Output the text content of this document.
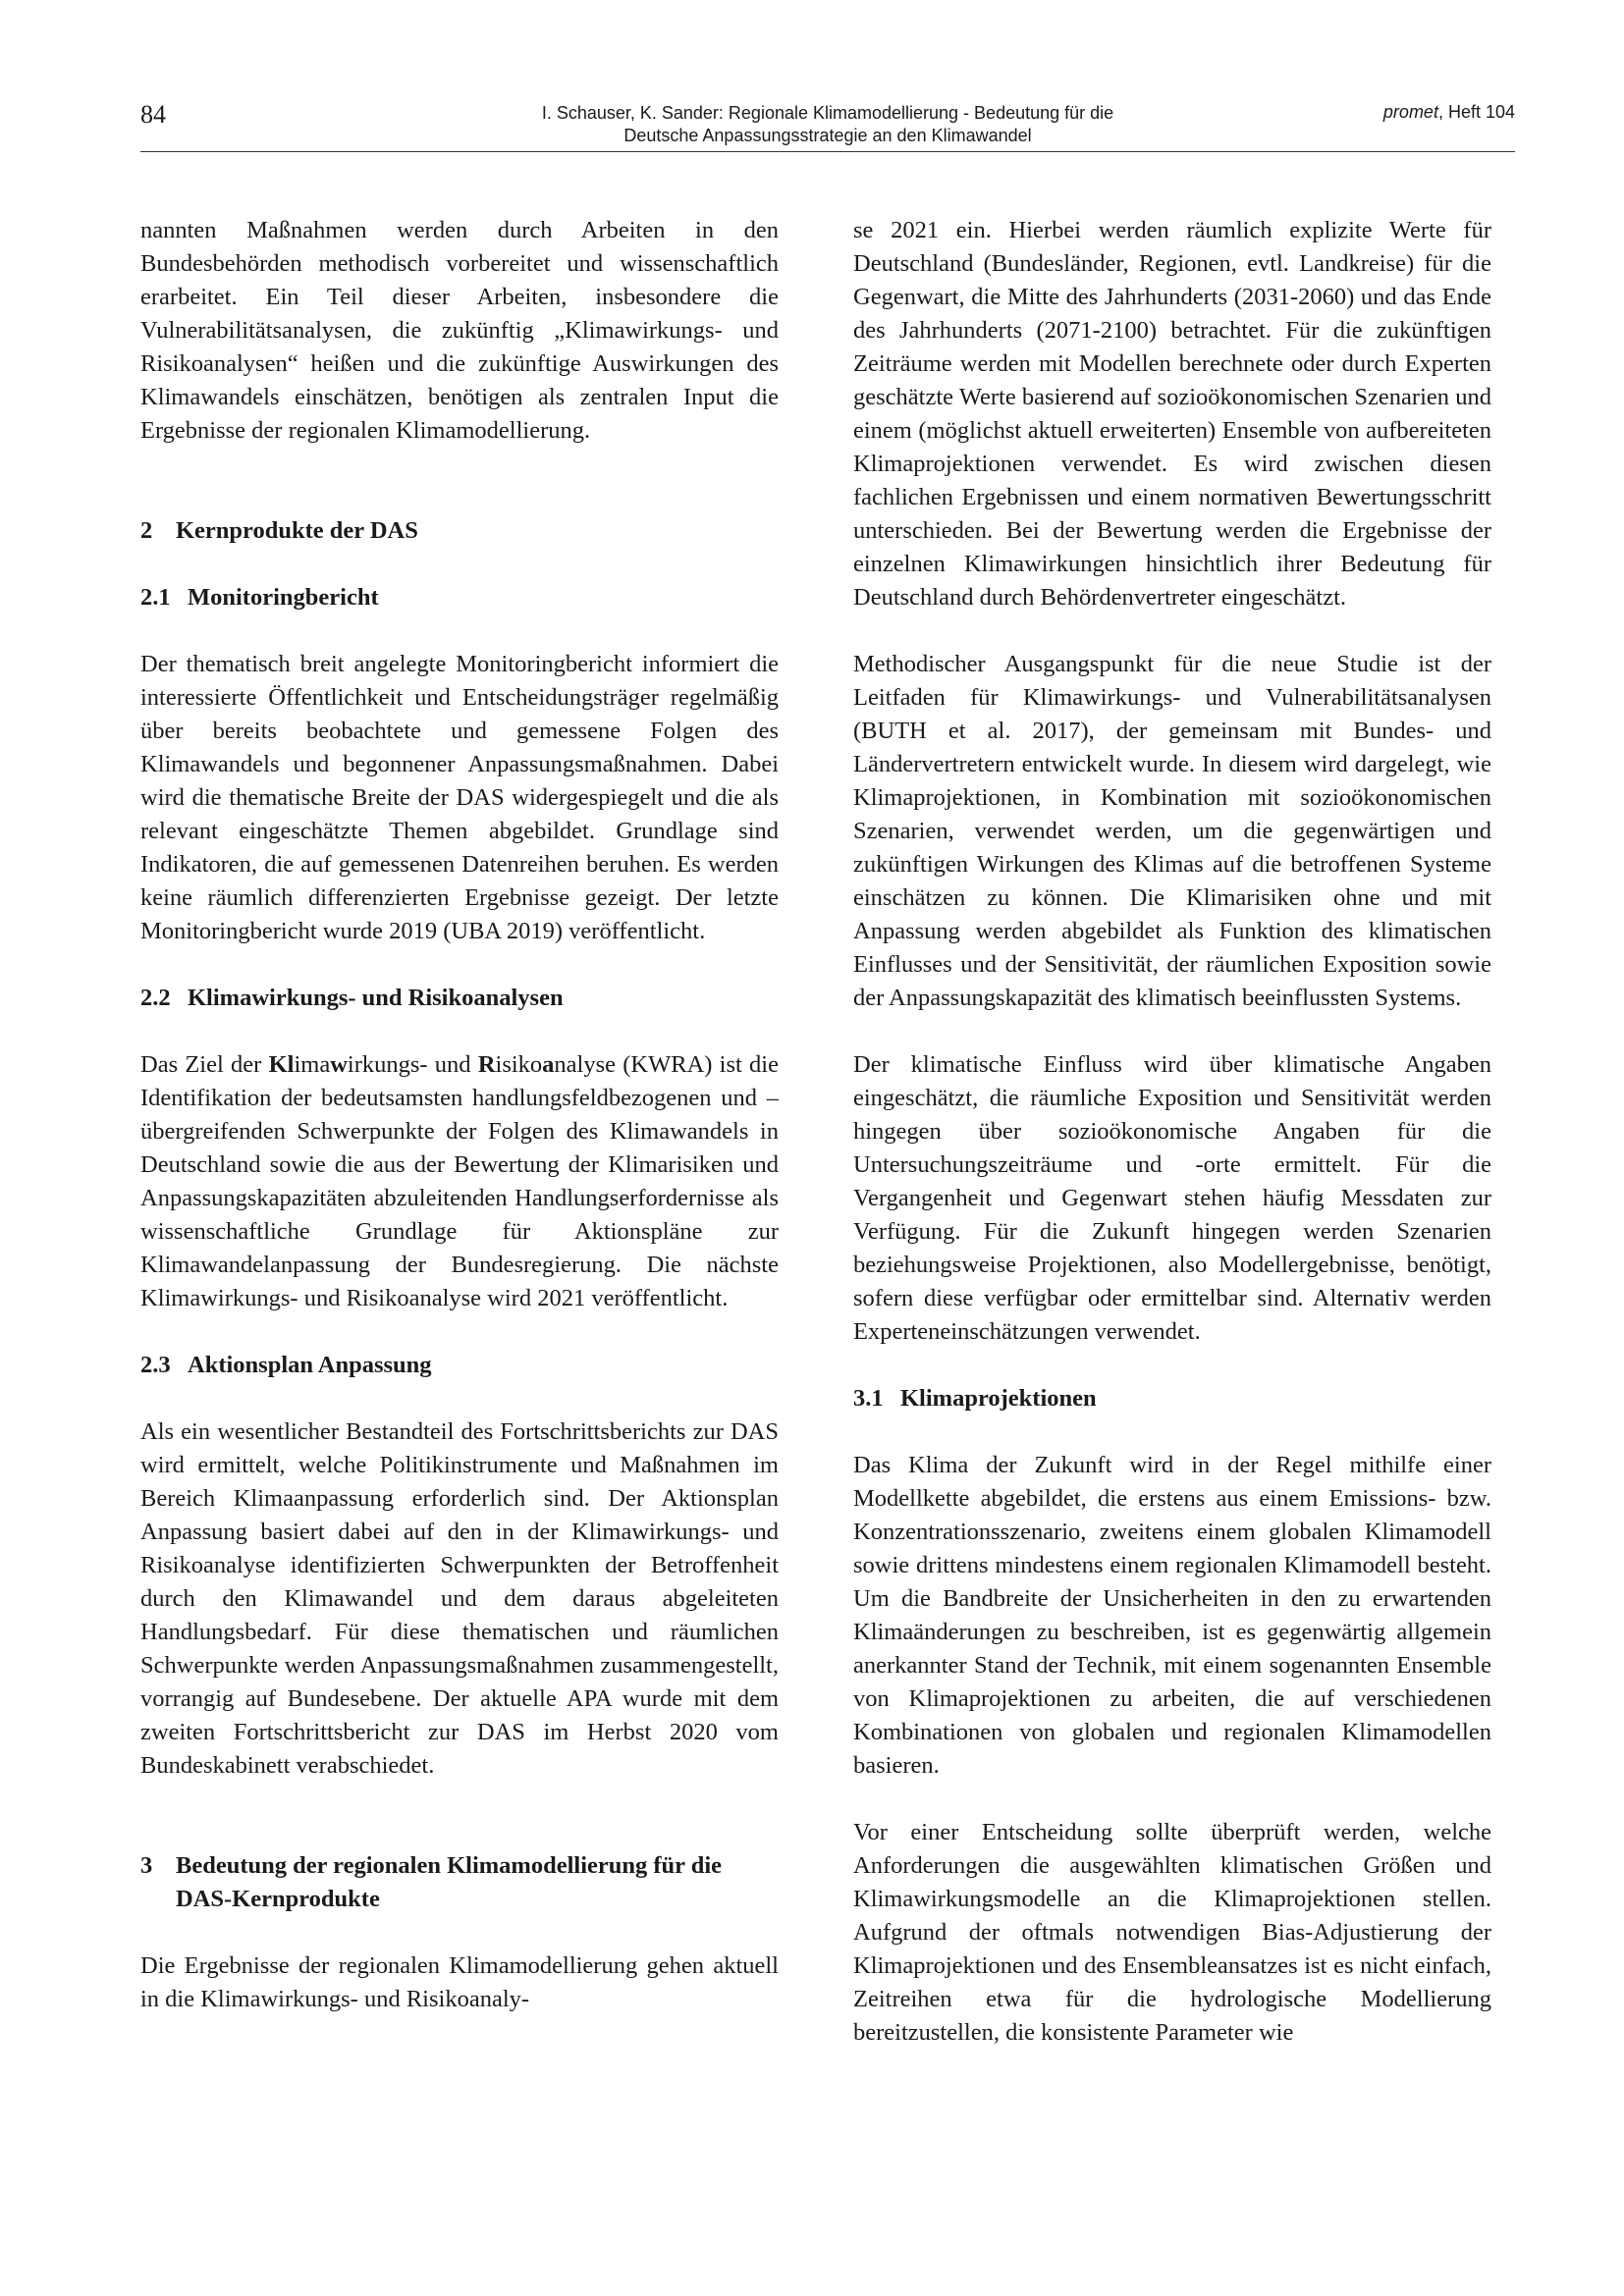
84	I. Schauser, K. Sander: Regionale Klimamodellierung - Bedeutung für die
Deutsche Anpassungsstrategie an den Klimawandel
promet, Heft 104

nannten Maßnahmen werden durch Arbeiten in den Bundesbehörden methodisch vorbereitet und wissenschaftlich erarbeitet. Ein Teil dieser Arbeiten, insbesondere die Vulnerabilitätsanalysen, die zukünftig „Klimawirkungs- und Risikoanalysen“ heißen und die zukünftige Auswirkungen des Klimawandels einschätzen, benötigen als zentralen Input die Ergebnisse der regionalen Klimamodellierung.

2 Kernprodukte der DAS
2.1 Monitoringbericht

Der thematisch breit angelegte Monitoringbericht informiert die interessierte Öffentlichkeit und Entscheidungsträger regelmäßig über bereits beobachtete und gemessene Folgen des Klimawandels und begonnener Anpassungsmaßnahmen. Dabei wird die thematische Breite der DAS widergespiegelt und die als relevant eingeschätzte Themen abgebildet. Grundlage sind Indikatoren, die auf gemessenen Datenreihen beruhen. Es werden keine räumlich differenzierten Ergebnisse gezeigt. Der letzte Monitoringbericht wurde 2019 (UBA 2019) veröffentlicht.

2.2 Klimawirkungs- und Risikoanalysen

Das Ziel der Klimawirkungs- und Risikoanalyse (KWRA) ist die Identifikation der bedeutsamsten handlungsfeldbezogenen und –übergreifenden Schwerpunkte der Folgen des Klimawandels in Deutschland sowie die aus der Bewertung der Klimarisiken und Anpassungskapazitäten abzuleitenden Handlungserfordernisse als wissenschaftliche Grundlage für Aktionspläne zur Klimawandelanpassung der Bundesregierung. Die nächste Klimawirkungs- und Risikoanalyse wird 2021 veröffentlicht.

2.3 Aktionsplan Anpassung

Als ein wesentlicher Bestandteil des Fortschrittsberichts zur DAS wird ermittelt, welche Politikinstrumente und Maßnahmen im Bereich Klimaanpassung erforderlich sind. Der Aktionsplan Anpassung basiert dabei auf den in der Klimawirkungs- und Risikoanalyse identifizierten Schwerpunkten der Betroffenheit durch den Klimawandel und dem daraus abgeleiteten Handlungsbedarf. Für diese thematischen und räumlichen Schwerpunkte werden Anpassungsmaßnahmen zusammengestellt, vorrangig auf Bundesebene. Der aktuelle APA wurde mit dem zweiten Fortschrittsbericht zur DAS im Herbst 2020 vom Bundeskabinett verabschiedet.

3 Bedeutung der regionalen Klimamodellierung für die DAS-Kernprodukte

Die Ergebnisse der regionalen Klimamodellierung gehen aktuell in die Klimawirkungs- und Risikoanaly-

se 2021 ein. Hierbei werden räumlich explizite Werte für Deutschland (Bundesländer, Regionen, evtl. Landkreise) für die Gegenwart, die Mitte des Jahrhunderts (2031-2060) und das Ende des Jahrhunderts (2071-2100) betrachtet. Für die zukünftigen Zeiträume werden mit Modellen berechnete oder durch Experten geschätzte Werte basierend auf sozioökonomischen Szenarien und einem (möglichst aktuell erweiterten) Ensemble von aufbereiteten Klimaprojektionen verwendet. Es wird zwischen diesen fachlichen Ergebnissen und einem normativen Bewertungsschritt unterschieden. Bei der Bewertung werden die Ergebnisse der einzelnen Klimawirkungen hinsichtlich ihrer Bedeutung für Deutschland durch Behördenvertreter eingeschätzt.

Methodischer Ausgangspunkt für die neue Studie ist der Leitfaden für Klimawirkungs- und Vulnerabilitätsanalysen (BUTH et al. 2017), der gemeinsam mit Bundes- und Ländervertretern entwickelt wurde. In diesem wird dargelegt, wie Klimaprojektionen, in Kombination mit sozioökonomischen Szenarien, verwendet werden, um die gegenwärtigen und zukünftigen Wirkungen des Klimas auf die betroffenen Systeme einschätzen zu können. Die Klimarisiken ohne und mit Anpassung werden abgebildet als Funktion des klimatischen Einflusses und der Sensitivität, der räumlichen Exposition sowie der Anpassungskapazität des klimatisch beeinflussten Systems.

Der klimatische Einfluss wird über klimatische Angaben eingeschätzt, die räumliche Exposition und Sensitivität werden hingegen über sozioökonomische Angaben für die Untersuchungszeiträume und -orte ermittelt. Für die Vergangenheit und Gegenwart stehen häufig Messdaten zur Verfügung. Für die Zukunft hingegen werden Szenarien beziehungsweise Projektionen, also Modellergebnisse, benötigt, sofern diese verfügbar oder ermittelbar sind. Alternativ werden Experteneinschätzungen verwendet.

3.1 Klimaprojektionen

Das Klima der Zukunft wird in der Regel mithilfe einer Modellkette abgebildet, die erstens aus einem Emissions- bzw. Konzentrationsszenario, zweitens einem globalen Klimamodell sowie drittens mindestens einem regionalen Klimamodell besteht. Um die Bandbreite der Unsicherheiten in den zu erwartenden Klimaänderungen zu beschreiben, ist es gegenwärtig allgemein anerkannter Stand der Technik, mit einem sogenannten Ensemble von Klimaprojektionen zu arbeiten, die auf verschiedenen Kombinationen von globalen und regionalen Klimamodellen basieren.

Vor einer Entscheidung sollte überprüft werden, welche Anforderungen die ausgewählten klimatischen Größen und Klimawirkungsmodelle an die Klimaprojektionen stellen. Aufgrund der oftmals notwendigen Bias-Adjustierung der Klimaprojektionen und des Ensembleansatzes ist es nicht einfach, Zeitreihen etwa für die hydrologische Modellierung bereitzustellen, die konsistente Parameter wie
